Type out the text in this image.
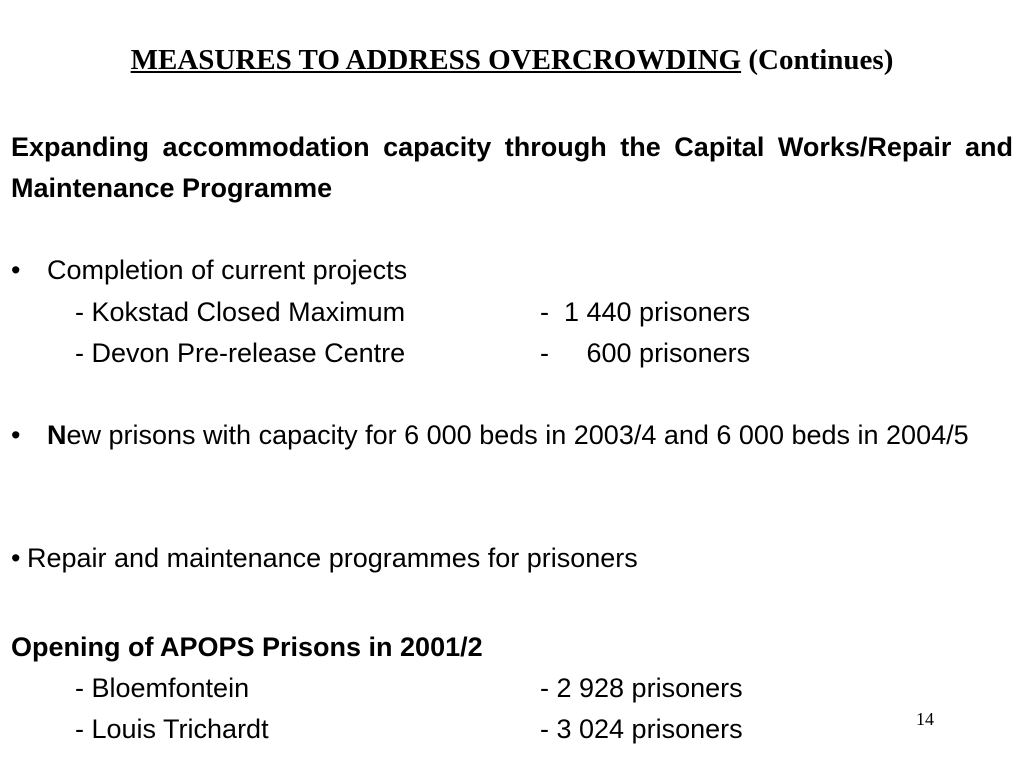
MEASURES TO ADDRESS OVERCROWDING (Continues)
Expanding accommodation capacity through the Capital Works/Repair and Maintenance Programme
• Completion of current projects
- Kokstad Closed Maximum	-  1 440 prisoners
- Devon Pre-release Centre	-     600 prisoners
• New prisons with capacity for 6 000 beds in 2003/4 and 6 000 beds in 2004/5
• Repair and maintenance programmes for prisoners
Opening of APOPS Prisons in 2001/2
- Bloemfontein	- 2 928 prisoners
- Louis Trichardt	- 3 024 prisoners	14
